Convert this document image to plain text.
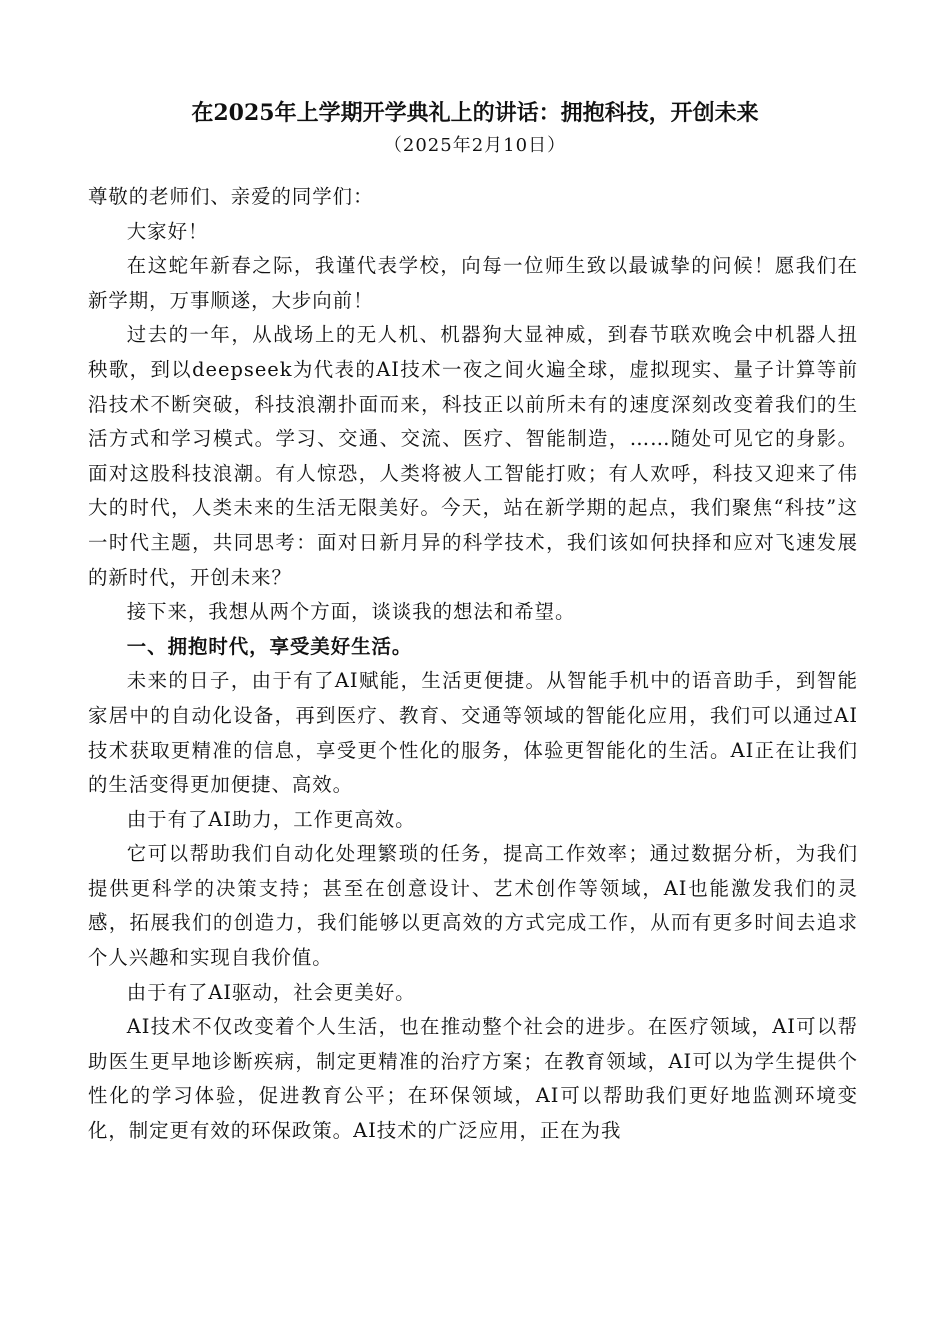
在2025年上学期开学典礼上的讲话：拥抱科技，开创未来
（2025年2月10日）

尊敬的老师们、亲爱的同学们：

大家好！

在这蛇年新春之际，我谨代表学校，向每一位师生致以最诚挚的问候！愿我们在新学期，万事顺遂，大步向前！

过去的一年，从战场上的无人机、机器狗大显神威，到春节联欢晚会中机器人扭秧歌，到以deepseek为代表的AI技术一夜之间火遍全球，虚拟现实、量子计算等前沿技术不断突破，科技浪潮扑面而来，科技正以前所未有的速度深刻改变着我们的生活方式和学习模式。学习、交通、交流、医疗、智能制造，……随处可见它的身影。面对这股科技浪潮。有人惊恐，人类将被人工智能打败；有人欢呼，科技又迎来了伟大的时代，人类未来的生活无限美好。今天，站在新学期的起点，我们聚焦“科技”这一时代主题，共同思考：面对日新月异的科学技术，我们该如何抉择和应对飞速发展的新时代，开创未来？

接下来，我想从两个方面，谈谈我的想法和希望。

一、拥抱时代，享受美好生活。

未来的日子，由于有了AI赋能，生活更便捷。从智能手机中的语音助手，到智能家居中的自动化设备，再到医疗、教育、交通等领域的智能化应用，我们可以通过AI技术获取更精准的信息，享受更个性化的服务，体验更智能化的生活。AI正在让我们的生活变得更加便捷、高效。

由于有了AI助力，工作更高效。

它可以帮助我们自动化处理繁琐的任务，提高工作效率；通过数据分析，为我们提供更科学的决策支持；甚至在创意设计、艺术创作等领域，AI也能激发我们的灵感，拓展我们的创造力，我们能够以更高效的方式完成工作，从而有更多时间去追求个人兴趣和实现自我价值。

由于有了AI驱动，社会更美好。

AI技术不仅改变着个人生活，也在推动整个社会的进步。在医疗领域，AI可以帮助医生更早地诊断疾病，制定更精准的治疗方案；在教育领域，AI可以为学生提供个性化的学习体验，促进教育公平；在环保领域，AI可以帮助我们更好地监测环境变化，制定更有效的环保政策。AI技术的广泛应用，正在为我
